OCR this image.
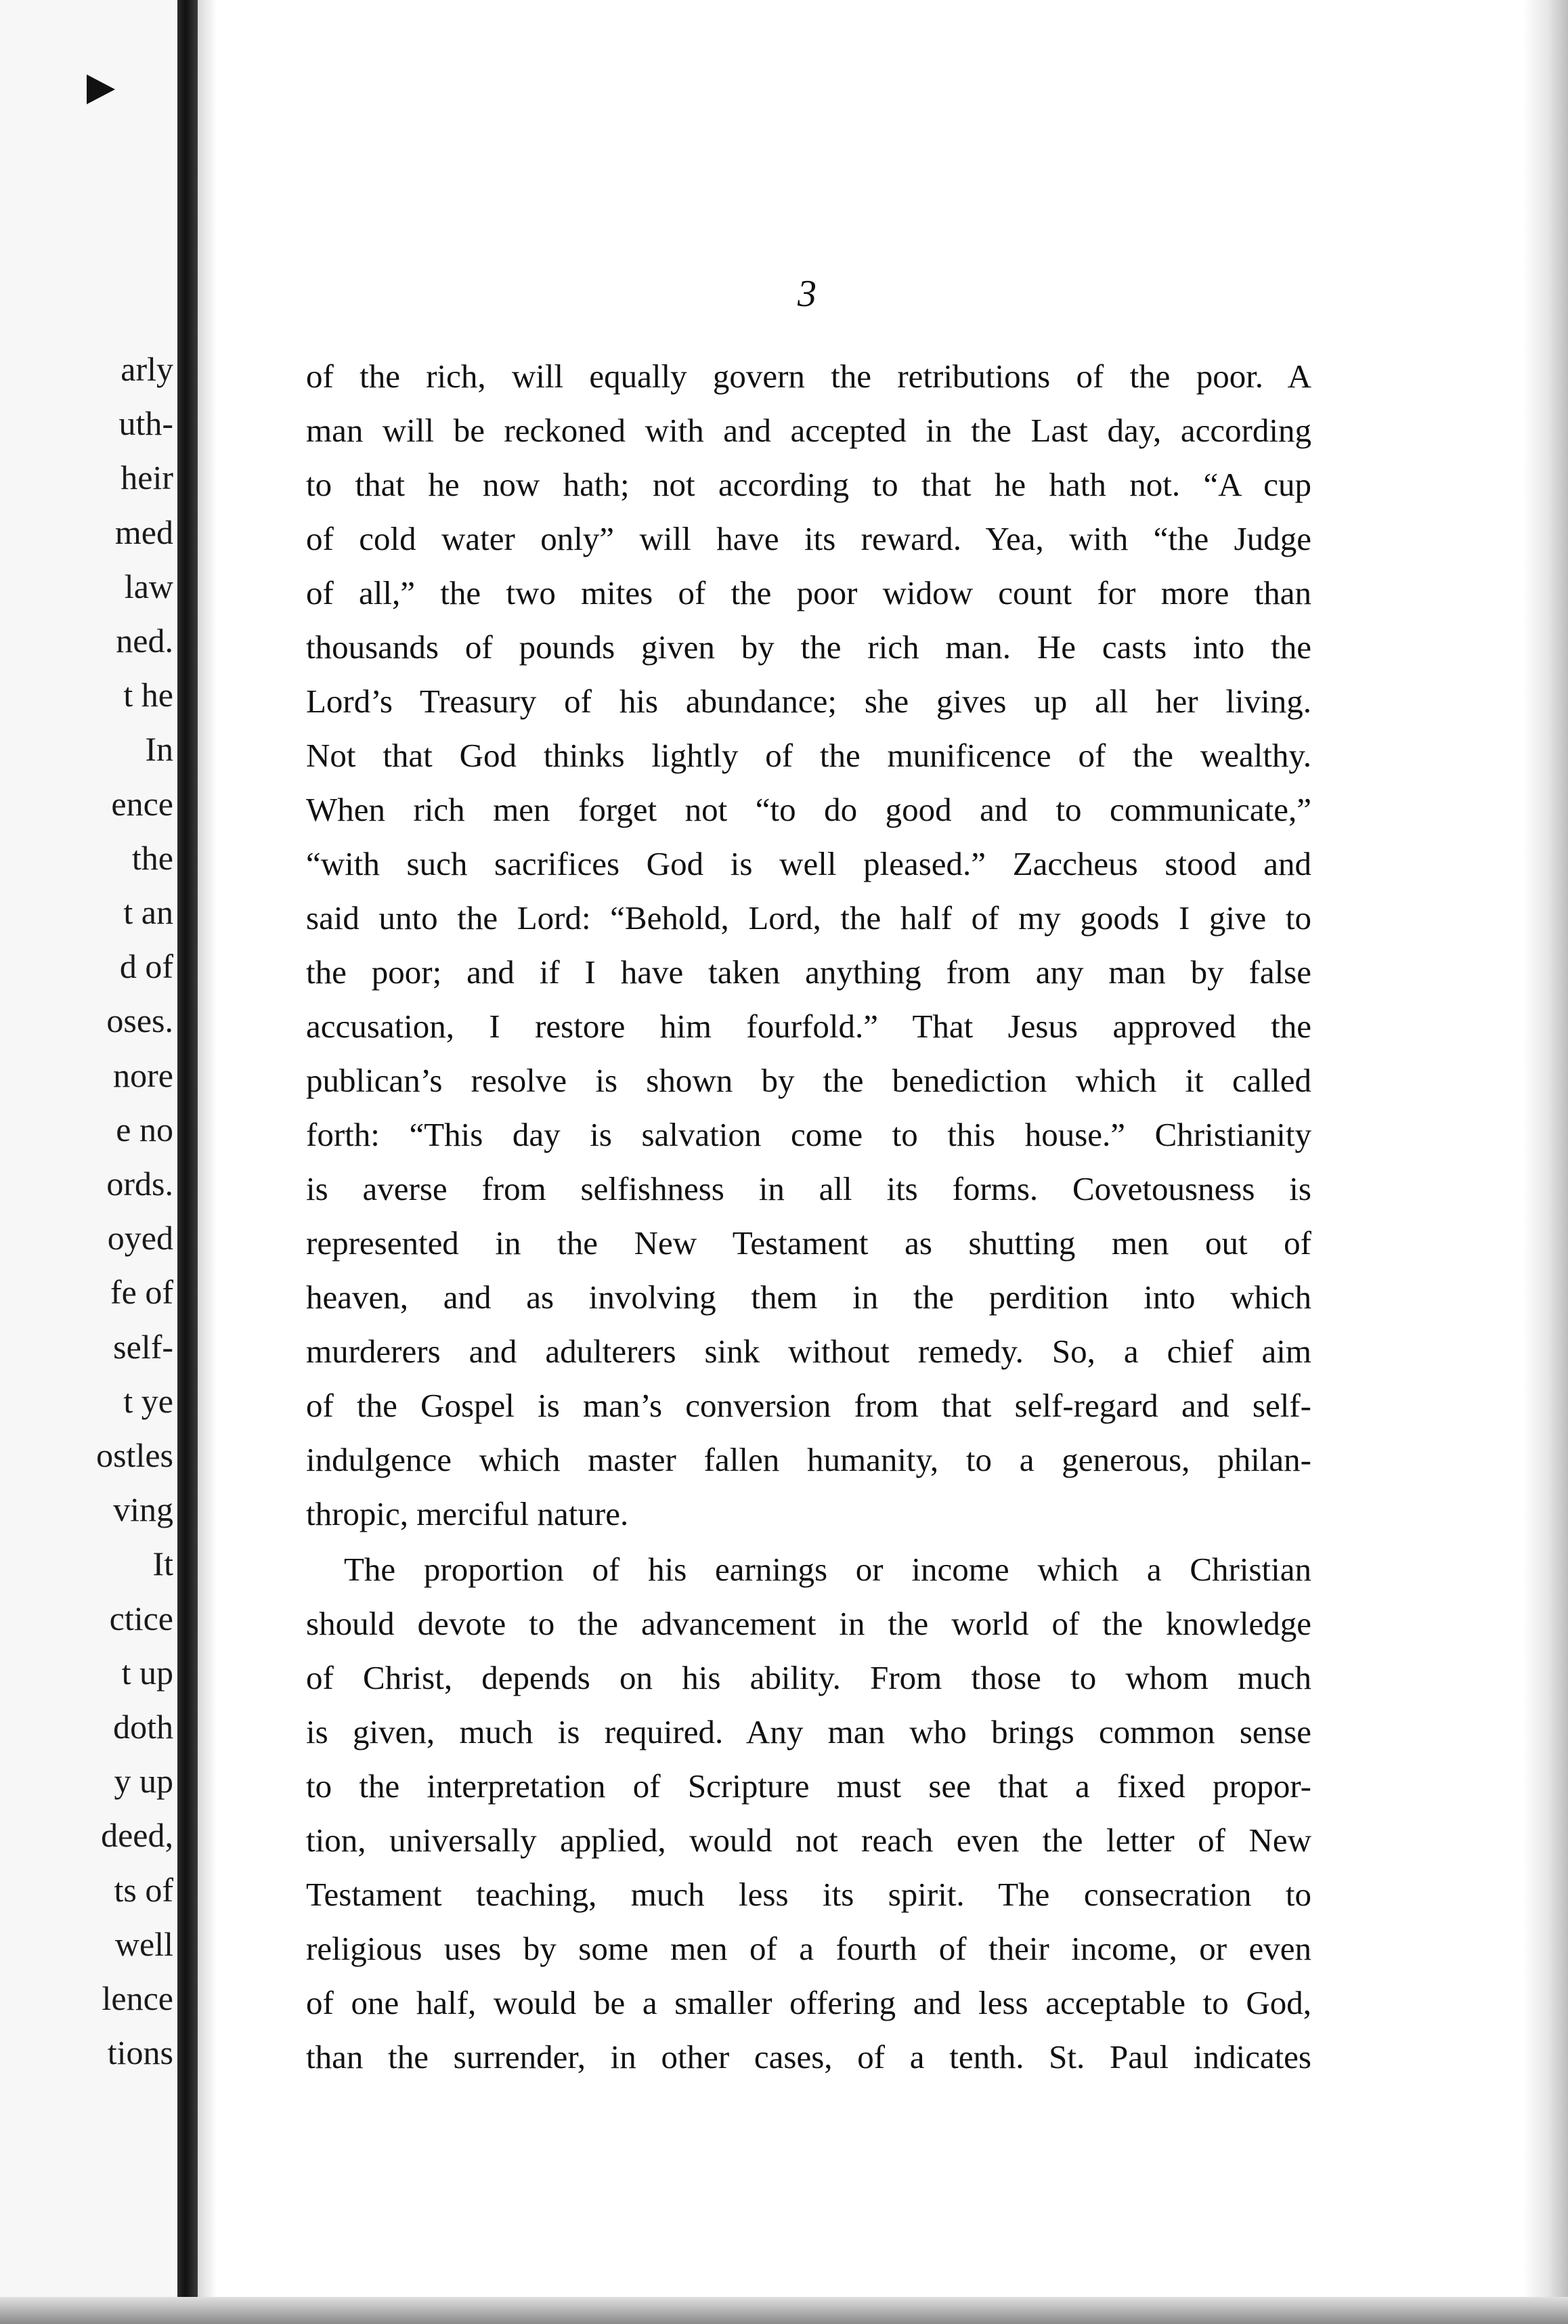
arly
uth-
heir
med
law
ned.
t he
In
ence
the
t an
d of
oses.
nore
e no
ords.
oyed
fe of
self-
t ye
ostles
ving
It
ctice
t up
doth
y up
deed,
ts of
well
lence
tions
3
of the rich, will equally govern the retributions of the poor. A
man will be reckoned with and accepted in the Last day, according
to that he now hath; not according to that he hath not. “A cup
of cold water only” will have its reward. Yea, with “the Judge
of all,” the two mites of the poor widow count for more than
thousands of pounds given by the rich man. He casts into the
Lord’s Treasury of his abundance; she gives up all her living.
Not that God thinks lightly of the munificence of the wealthy.
When rich men forget not “to do good and to communicate,”
“with such sacrifices God is well pleased.” Zaccheus stood and
said unto the Lord: “Behold, Lord, the half of my goods I give to
the poor; and if I have taken anything from any man by false
accusation, I restore him fourfold.” That Jesus approved the
publican’s resolve is shown by the benediction which it called
forth: “This day is salvation come to this house.” Christianity
is averse from selfishness in all its forms. Covetousness is
represented in the New Testament as shutting men out of
heaven, and as involving them in the perdition into which
murderers and adulterers sink without remedy. So, a chief aim
of the Gospel is man’s conversion from that self-regard and self-
indulgence which master fallen humanity, to a generous, philan-
thropic, merciful nature.
The proportion of his earnings or income which a Christian
should devote to the advancement in the world of the knowledge
of Christ, depends on his ability. From those to whom much
is given, much is required. Any man who brings common sense
to the interpretation of Scripture must see that a fixed propor-
tion, universally applied, would not reach even the letter of New
Testament teaching, much less its spirit. The consecration to
religious uses by some men of a fourth of their income, or even
of one half, would be a smaller offering and less acceptable to God,
than the surrender, in other cases, of a tenth. St. Paul indicates
